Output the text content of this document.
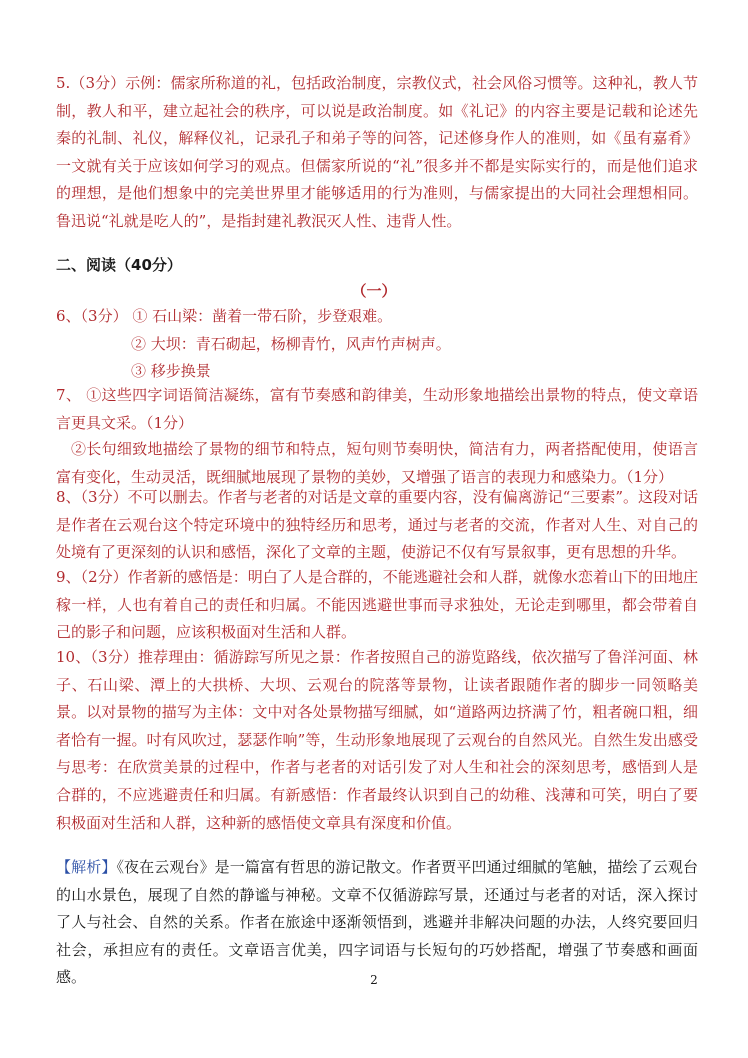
5.（3分）示例：儒家所称道的礼，包括政治制度，宗教仪式，社会风俗习惯等。这种礼，教人节制，教人和平，建立起社会的秩序，可以说是政治制度。如《礼记》的内容主要是记载和论述先秦的礼制、礼仪，解释仪礼，记录孔子和弟子等的问答，记述修身作人的准则，如《虽有嘉肴》一文就有关于应该如何学习的观点。但儒家所说的“礼”很多并不都是实际实行的，而是他们追求的理想，是他们想象中的完美世界里才能够适用的行为准则，与儒家提出的大同社会理想相同。鲁迅说“礼就是吃人的”，是指封建礼教泯灭人性、违背人性。
二、阅读（40分）
（一）
6、（3分） ① 石山梁：凿着一带石阶，步登艰难。
② 大坝：青石砌起，杨柳青竹，风声竹声树声。
③ 移步换景
7、 ①这些四字词语简洁凝练，富有节奏感和韵律美，生动形象地描绘出景物的特点，使文章语言更具文采。（1分）
②长句细致地描绘了景物的细节和特点，短句则节奏明快，简洁有力，两者搭配使用，使语言富有变化，生动灵活，既细腻地展现了景物的美妙，又增强了语言的表现力和感染力。（1分）
8、（3分）不可以删去。作者与老者的对话是文章的重要内容，没有偏离游记“三要素”。这段对话是作者在云观台这个特定环境中的独特经历和思考，通过与老者的交流，作者对人生、对自己的处境有了更深刻的认识和感悟，深化了文章的主题，使游记不仅有写景叙事，更有思想的升华。
9、（2分）作者新的感悟是：明白了人是合群的，不能逃避社会和人群，就像水恋着山下的田地庄稼一样，人也有着自己的责任和归属。不能因逃避世事而寻求独处，无论走到哪里，都会带着自己的影子和问题，应该积极面对生活和人群。
10、（3分）推荐理由：循游踪写所见之景：作者按照自己的游览路线，依次描写了鲁洋河面、林子、石山梁、潭上的大拱桥、大坝、云观台的院落等景物，让读者跟随作者的脚步一同领略美景。以对景物的描写为主体：文中对各处景物描写细腻，如“道路两边挤满了竹，粗者碗口粗，细者恰有一握。吋有风吹过，瑟瑟作响”等，生动形象地展现了云观台的自然风光。自然生发出感受与思考：在欣赏美景的过程中，作者与老者的对话引发了对人生和社会的深刻思考，感悟到人是合群的，不应逃避责任和归属。有新感悟：作者最终认识到自己的幼稚、浅薄和可笑，明白了要积极面对生活和人群，这种新的感悟使文章具有深度和价值。
【解析】《夜在云观台》是一篇富有哲思的游记散文。作者贾平凹通过细腻的笔触，描绘了云观台的山水景色，展现了自然的静谧与神秘。文章不仅循游踪写景，还通过与老者的对话，深入探讨了人与社会、自然的关系。作者在旅途中逐渐领悟到，逃避并非解决问题的办法，人终究要回归社会，承担应有的责任。文章语言优美，四字词语与长短句的巧妙搭配，增强了节奏感和画面感。	2
